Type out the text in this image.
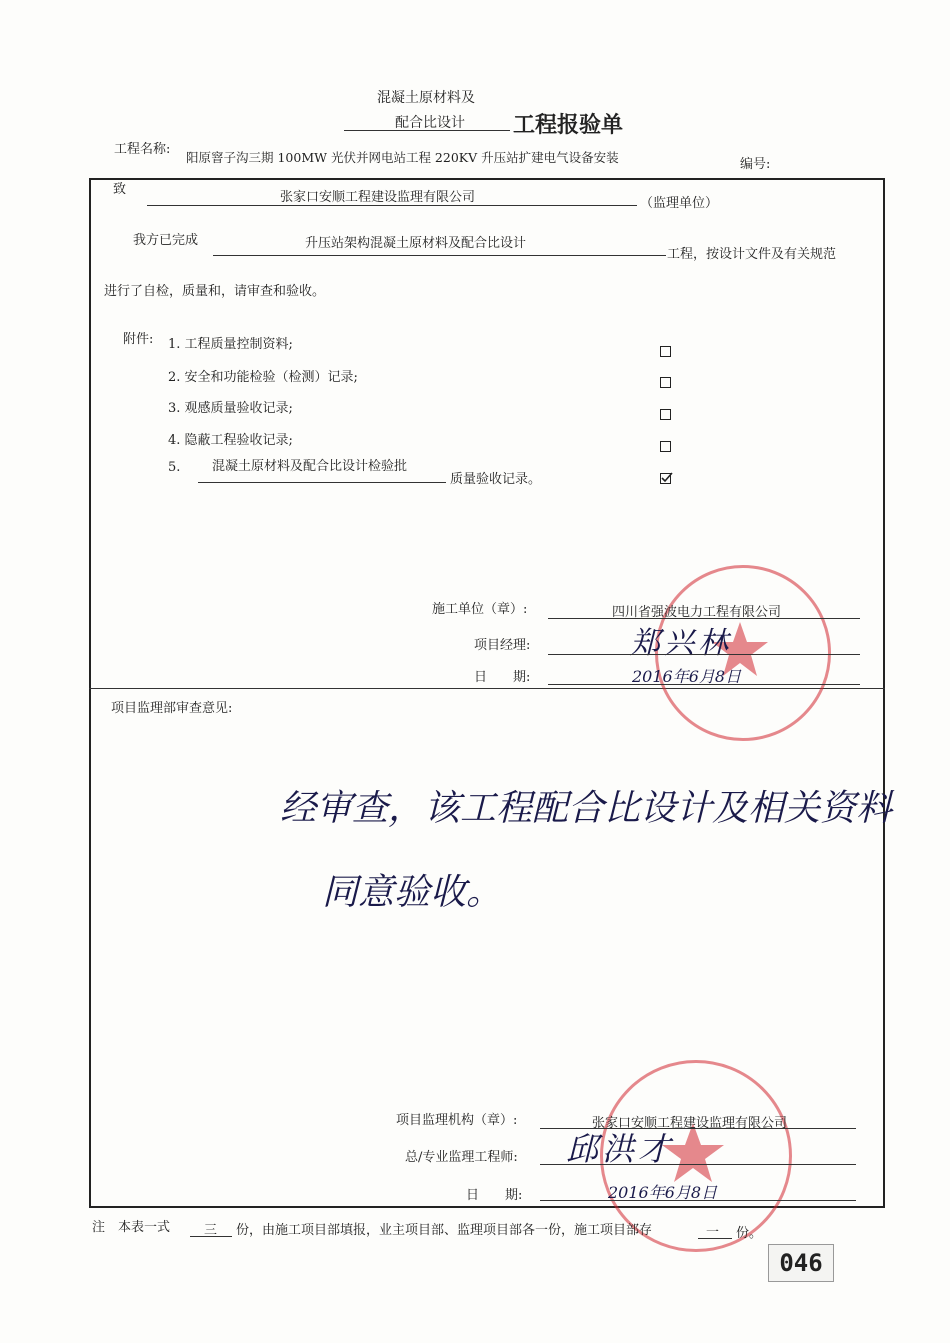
混凝土原材料及
配合比设计 工程报验单
工程名称:
阳原窨子沟三期 100MW 光伏并网电站工程 220KV 升压站扩建电气设备安装	编号:
致
张家口安顺工程建设监理有限公司	（监理单位）
我方已完成	升压站架构混凝土原材料及配合比设计
工程，按设计文件及有关规范
进行了自检，质量和，请审查和验收。
附件: 1. 工程质量控制资料;
2. 安全和功能检验（检测）记录;
3. 观感质量验收记录;
4. 隐蔽工程验收记录;
5. 混凝土原材料及配合比设计检验批
质量验收记录。
施工单位（章）:	四川省强波电力工程有限公司
项目经理:	郑兴林
日　　期:	2016年6月8日
项目监理部审查意见:
经审查，该工程配合比设计及相关资料
同意验收。
项目监理机构（章）:	张家口安顺工程建设监理有限公司
总/专业监理工程师: 邱洪才
日　　期:	2016年6月8日
注　本表一式	三 份，由施工项目部填报，业主项目部、监理项目部各一份，施工项目部存	一 份。
046
